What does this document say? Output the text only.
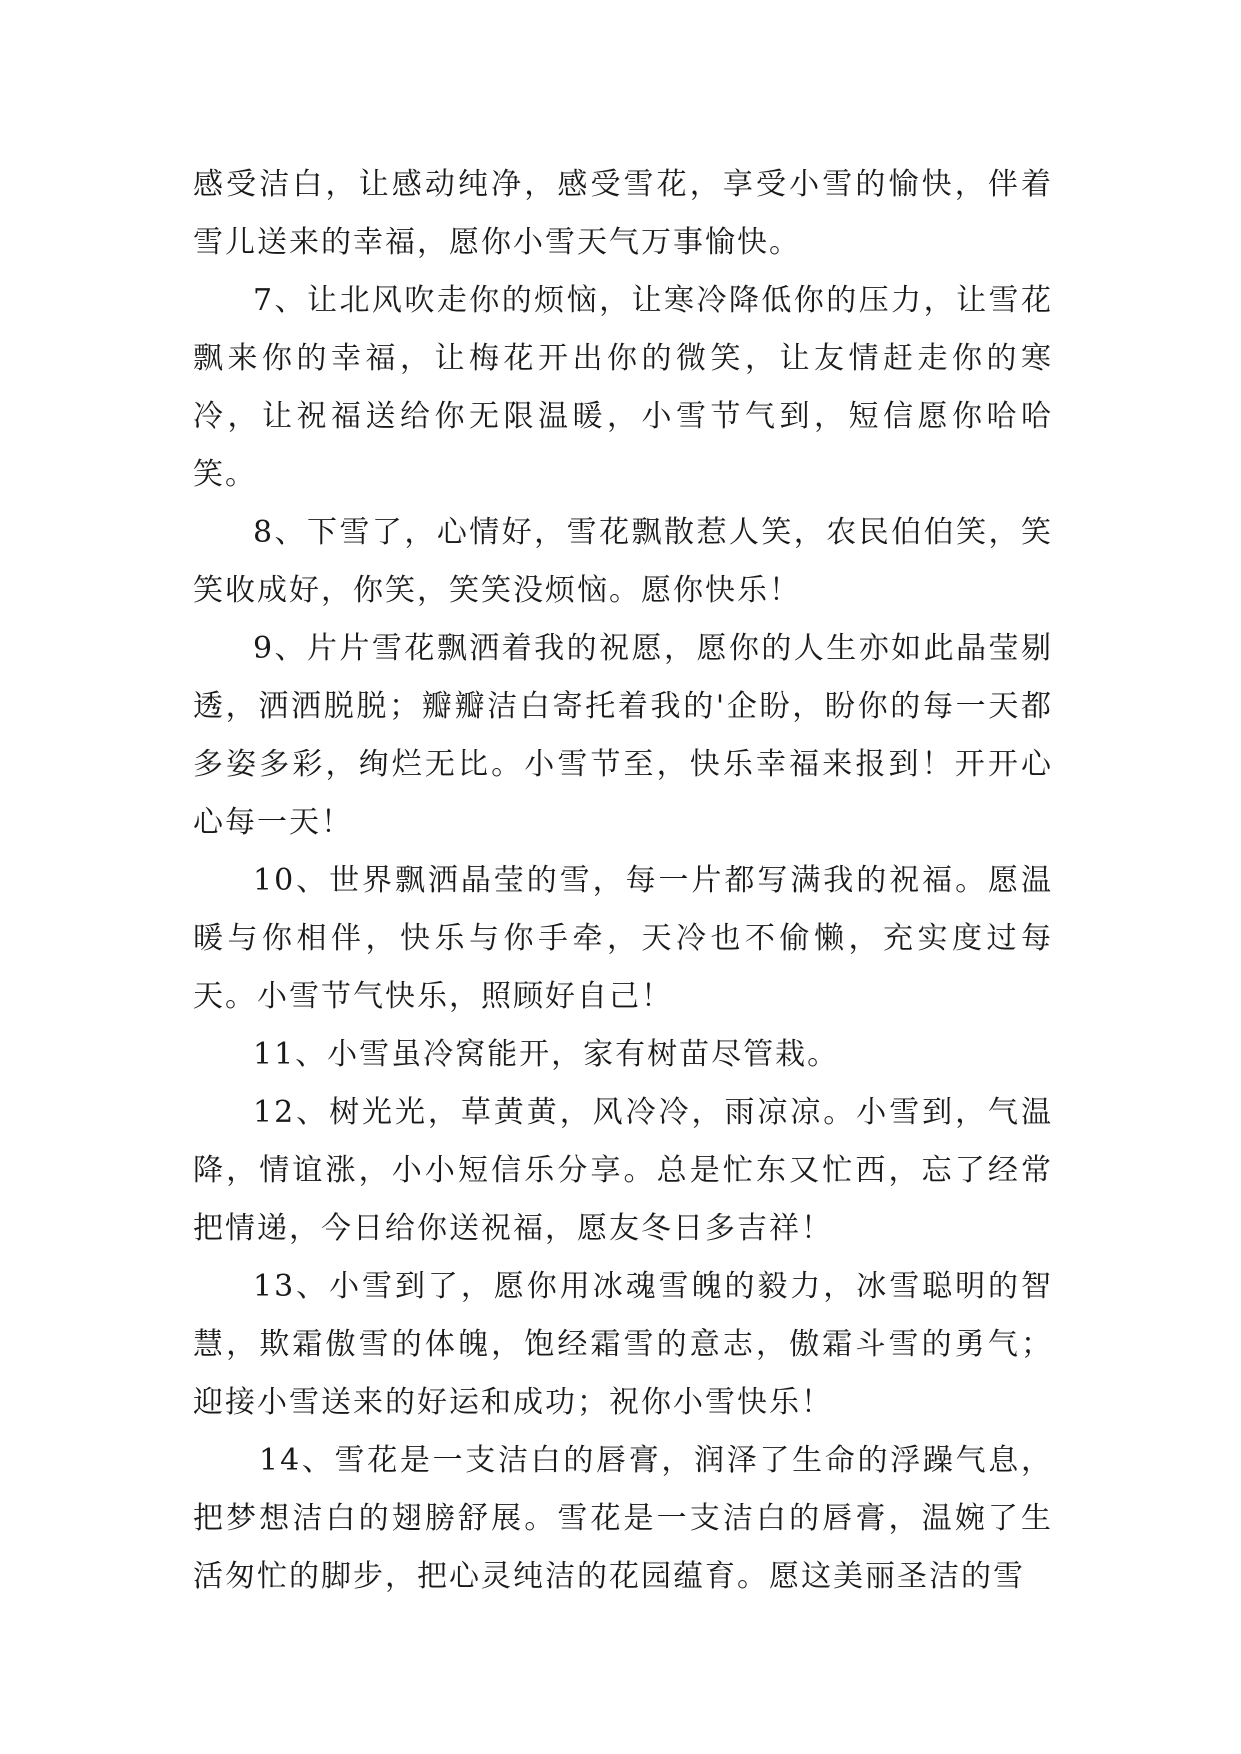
感受洁白，让感动纯净，感受雪花，享受小雪的愉快，伴着雪儿送来的幸福，愿你小雪天气万事愉快。

7、让北风吹走你的烦恼，让寒冷降低你的压力，让雪花飘来你的幸福，让梅花开出你的微笑，让友情赶走你的寒冷，让祝福送给你无限温暖，小雪节气到，短信愿你哈哈笑。

8、下雪了，心情好，雪花飘散惹人笑，农民伯伯笑，笑笑收成好，你笑，笑笑没烦恼。愿你快乐！

9、片片雪花飘洒着我的祝愿，愿你的人生亦如此晶莹剔透，洒洒脱脱；瓣瓣洁白寄托着我的'企盼，盼你的每一天都多姿多彩，绚烂无比。小雪节至，快乐幸福来报到！开开心心每一天！

10、世界飘洒晶莹的雪，每一片都写满我的祝福。愿温暖与你相伴，快乐与你手牵，天冷也不偷懒，充实度过每天。小雪节气快乐，照顾好自己！

11、小雪虽冷窝能开，家有树苗尽管栽。

12、树光光，草黄黄，风冷冷，雨凉凉。小雪到，气温降，情谊涨，小小短信乐分享。总是忙东又忙西，忘了经常把情递，今日给你送祝福，愿友冬日多吉祥！

13、小雪到了，愿你用冰魂雪魄的毅力，冰雪聪明的智慧，欺霜傲雪的体魄，饱经霜雪的意志，傲霜斗雪的勇气；迎接小雪送来的好运和成功；祝你小雪快乐！

14、雪花是一支洁白的唇膏，润泽了生命的浮躁气息，把梦想洁白的翅膀舒展。雪花是一支洁白的唇膏，温婉了生活匆忙的脚步，把心灵纯洁的花园蕴育。愿这美丽圣洁的雪
